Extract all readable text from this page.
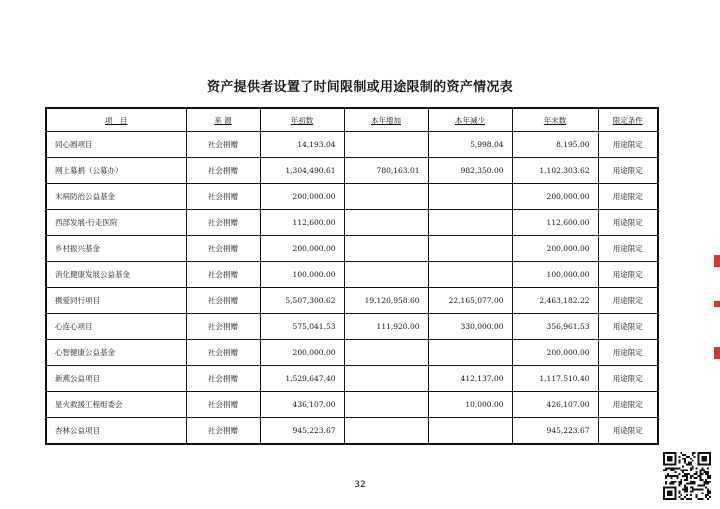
资产提供者设置了时间限制或用途限制的资产情况表
项　目	来 源	年初数	本年增加	本年减少	年末数	限定条件
同心圆项目	社会捐赠	14,193.04		5,998.04	8,195.00	用途限定
网上募捐（公募办）	社会捐赠	1,304,490.61	780,163.01	982,350.00	1,102,303.62	用途限定
未病防治公益基金	社会捐赠	200,000.00			200,000.00	用途限定
西部发展-行走医院	社会捐赠	112,600.00			112,600.00	用途限定
乡村振兴基金	社会捐赠	200,000.00			200,000.00	用途限定
消化健康发展公益基金	社会捐赠	100,000.00			100,000.00	用途限定
携爱同行项目	社会捐赠	5,507,300.62	19,120,958.60	22,165,077.00	2,463,182.22	用途限定
心连心项目	社会捐赠	575,041.53	111,920.00	330,000.00	356,961.53	用途限定
心智健康公益基金	社会捐赠	200,000.00			200,000.00	用途限定
新燕公益项目	社会捐赠	1,529,647.40		412,137.00	1,117,510.40	用途限定
星火救援工程组委会	社会捐赠	436,107.00		10,000.00	426,107.00	用途限定
杏林公益项目	社会捐赠	945,223.67			945,223.67	用途限定
32
